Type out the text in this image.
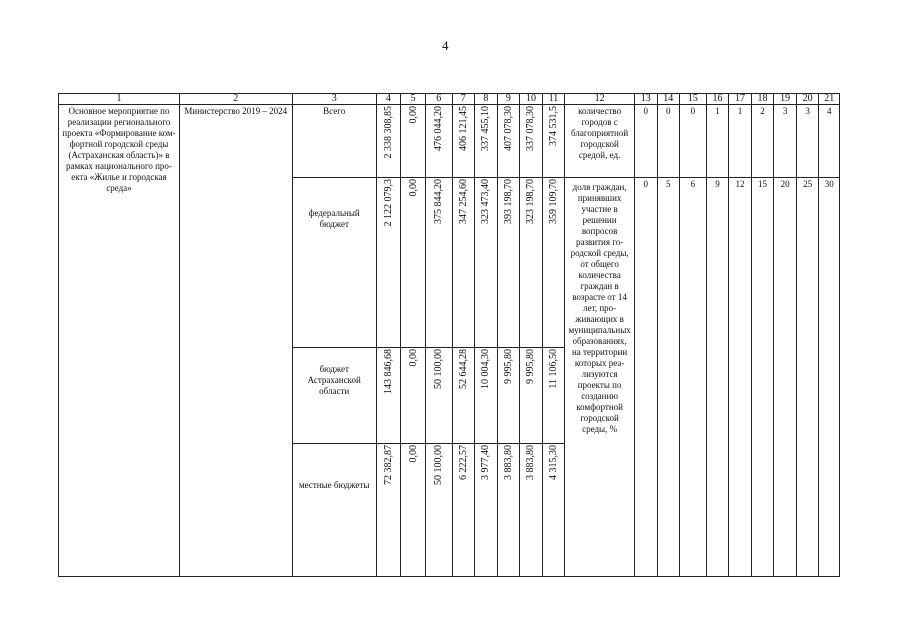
4
1	2	3	4	5	6	7	8	9	10	11	12	13	14	15	16	17	18	19	20	21
Основное мероприятие по реализации регионального проекта «Формирование комфортной городской среды (Астраханская область)» в рамках национального проекта «Жилье и городская среда»	Министерство 2019 – 2024	Всего	2 338 308,85	0,00	476 044,20	406 121,45	337 455,10	407 078,30	337 078,30	374 531,5	количество городов с благоприятной городской средой, ед.	0	0	0	1	1	2	3	3	4
		федеральный бюджет	2 122 079,3	0,00	375 844,20	347 254,60	323 473,40	393 198,70	323 198,70	359 109,70	доля граждан, принявших участие в решении вопросов развития городской среды, от общего количества граждан в возрасте от 14 лет, проживающих в муниципальных образованиях, на территории которых реализуются проекты по созданию комфортной городской среды, %	0	5	6	9	12	15	20	25	30
		бюджет Астраханской области	143 846,68	0,00	50 100,00	52 644,28	10 004,30	9 995,80	9 995,80	11 106,50										
		местные бюджеты	72 382,87	0,00	50 100,00	6 222,57	3 977,40	3 883,80	3 883,80	4 315,30										
